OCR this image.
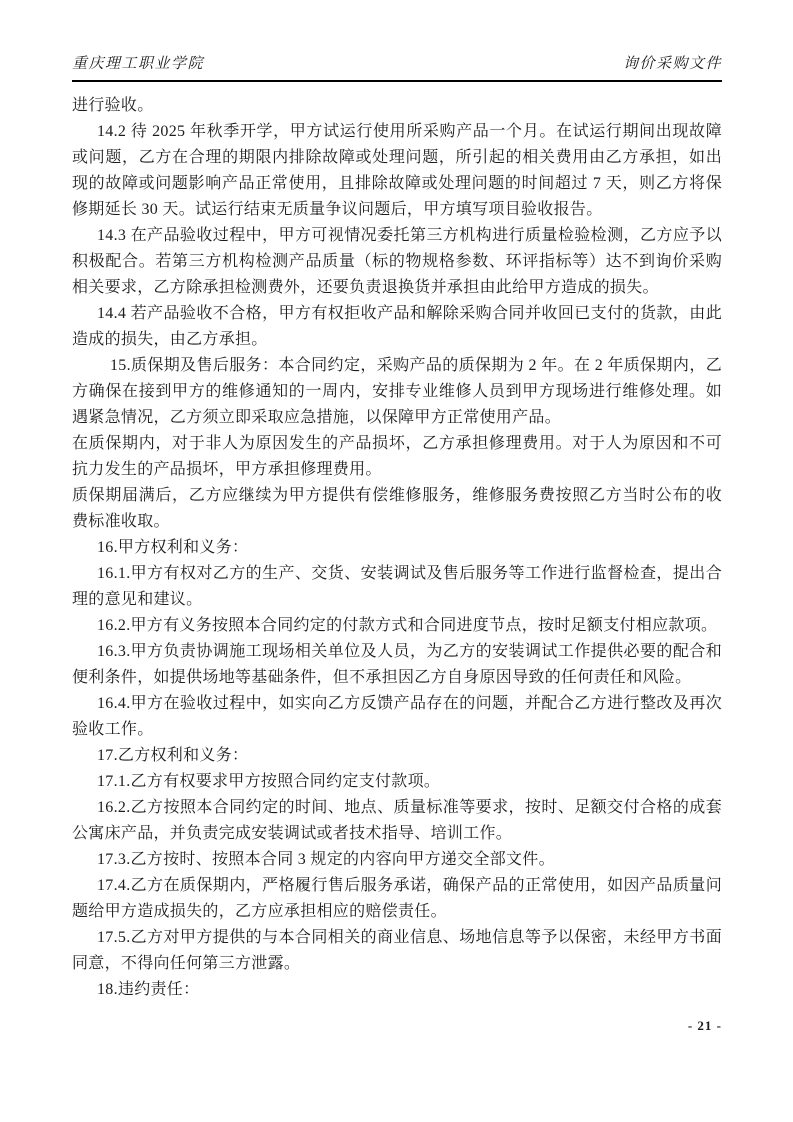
重庆理工职业学院	询价采购文件

进行验收。

14.2 待 2025 年秋季开学，甲方试运行使用所采购产品一个月。在试运行期间出现故障或问题，乙方在合理的期限内排除故障或处理问题，所引起的相关费用由乙方承担，如出现的故障或问题影响产品正常使用，且排除故障或处理问题的时间超过 7 天，则乙方将保修期延长 30 天。试运行结束无质量争议问题后，甲方填写项目验收报告。

14.3 在产品验收过程中，甲方可视情况委托第三方机构进行质量检验检测，乙方应予以积极配合。若第三方机构检测产品质量（标的物规格参数、环评指标等）达不到询价采购相关要求，乙方除承担检测费外，还要负责退换货并承担由此给甲方造成的损失。

14.4 若产品验收不合格，甲方有权拒收产品和解除采购合同并收回已支付的货款，由此造成的损失，由乙方承担。

15.质保期及售后服务：本合同约定，采购产品的质保期为 2 年。在 2 年质保期内，乙方确保在接到甲方的维修通知的一周内，安排专业维修人员到甲方现场进行维修处理。如遇紧急情况，乙方须立即采取应急措施，以保障甲方正常使用产品。

在质保期内，对于非人为原因发生的产品损坏，乙方承担修理费用。对于人为原因和不可抗力发生的产品损坏，甲方承担修理费用。

质保期届满后，乙方应继续为甲方提供有偿维修服务，维修服务费按照乙方当时公布的收费标准收取。

16.甲方权利和义务：

16.1.甲方有权对乙方的生产、交货、安装调试及售后服务等工作进行监督检查，提出合理的意见和建议。

16.2.甲方有义务按照本合同约定的付款方式和合同进度节点，按时足额支付相应款项。

16.3.甲方负责协调施工现场相关单位及人员，为乙方的安装调试工作提供必要的配合和便利条件，如提供场地等基础条件，但不承担因乙方自身原因导致的任何责任和风险。

16.4.甲方在验收过程中，如实向乙方反馈产品存在的问题，并配合乙方进行整改及再次验收工作。

17.乙方权利和义务：

17.1.乙方有权要求甲方按照合同约定支付款项。

16.2.乙方按照本合同约定的时间、地点、质量标准等要求，按时、足额交付合格的成套公寓床产品，并负责完成安装调试或者技术指导、培训工作。

17.3.乙方按时、按照本合同 3 规定的内容向甲方递交全部文件。

17.4.乙方在质保期内，严格履行售后服务承诺，确保产品的正常使用，如因产品质量问题给甲方造成损失的，乙方应承担相应的赔偿责任。

17.5.乙方对甲方提供的与本合同相关的商业信息、场地信息等予以保密，未经甲方书面同意，不得向任何第三方泄露。

18.违约责任：

- 21 -
